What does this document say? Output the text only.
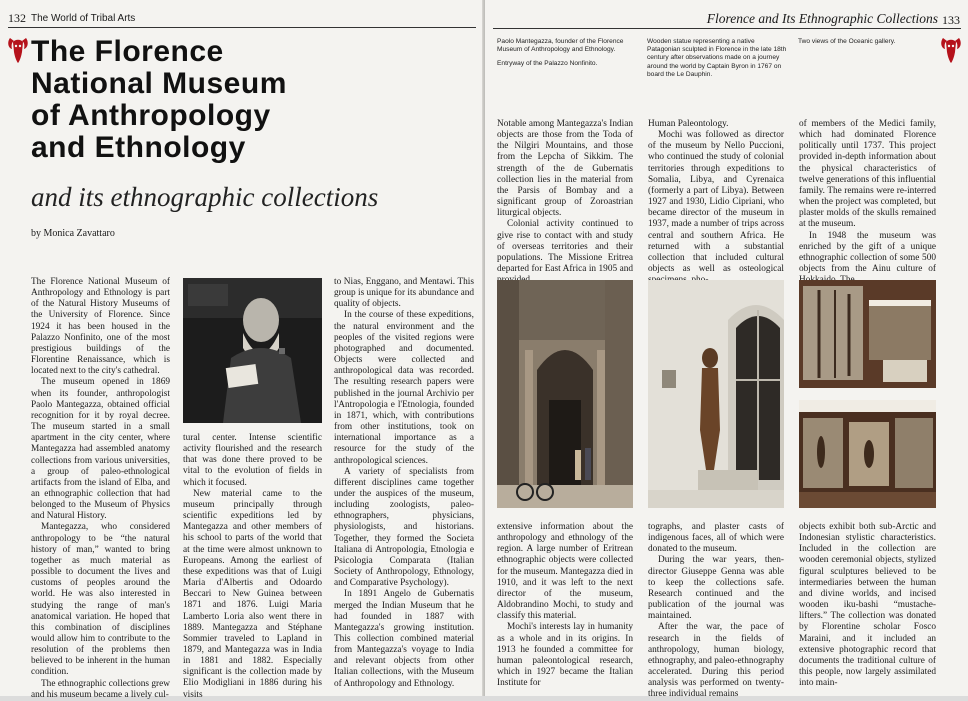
132 The World of Tribal Arts
The Florence
National Museum
of Anthropology
and Ethnology
and its ethnographic collections
by Monica Zavattaro

The Florence National Museum of Anthropology and Ethnology is part of the Natural History Museums of the University of Florence. Since 1924 it has been housed in the Palazzo Nonfinito, one of the most prestigious buildings of the Florentine Renaissance, which is located next to the city's cathedral.

The museum opened in 1869 when its founder, anthropologist Paolo Mantegazza, obtained official recognition for it by royal decree. The museum started in a small apartment in the city center, where Mantegazza had assembled anatomy collections from various universities, a group of paleo-ethnological artifacts from the island of Elba, and an ethnographic collection that had belonged to the Museum of Physics and Natural History.

Mantegazza, who considered anthropology to be “the natural history of man,” wanted to bring together as much material as possible to document the lives and customs of peoples around the world. He was also interested in studying the range of man's anatomical variation. He hoped that this combination of disciplines would allow him to contribute to the resolution of the problems then believed to be inherent in the human condition.

The ethnographic collections grew and his museum became a lively cul-

tural center. Intense scientific activity flourished and the research that was done there proved to be vital to the evolution of fields in which it focused.

New material came to the museum principally through scientific expeditions led by Mantegazza and other members of his school to parts of the world that at the time were almost unknown to Europeans. Among the earliest of these expeditions was that of Luigi Maria d'Albertis and Odoardo Beccari to New Guinea between 1871 and 1876. Luigi Maria Lamberto Loria also went there in 1889. Mantegazza and Stéphane Sommier traveled to Lapland in 1879, and Mantegazza was in India in 1881 and 1882. Especially significant is the collection made by Elio Modigliani in 1886 during his visits

to Nias, Enggano, and Mentawi. This group is unique for its abundance and quality of objects.

In the course of these expeditions, the natural environment and the peoples of the visited regions were photographed and documented. Objects were collected and anthropological data was recorded. The resulting research papers were published in the journal Archivio per l'Antropologia e l'Etnologia, founded in 1871, which, with contributions from other institutions, took on international importance as a resource for the study of the anthropological sciences.

A variety of specialists from different disciplines came together under the auspices of the museum, including zoologists, paleo-ethnographers, physicians, physiologists, and historians. Together, they formed the Societa Italiana di Antropologia, Etnologia e Psicologia Comparata (Italian Society of Anthropology, Ethnology, and Comparative Psychology).

In 1891 Angelo de Gubernatis merged the Indian Museum that he had founded in 1887 with Mantegazza's growing institution. This collection combined material from Mantegazza's voyage to India and relevant objects from other Italian collections, with the Museum of Anthropology and Ethnology.

Florence and Its Ethnographic Collections 133

Paolo Mantegazza, founder of the Florence Museum of Anthropology and Ethnology.

Entryway of the Palazzo Nonfinito.

Wooden statue representing a native Patagonian sculpted in Florence in the late 18th century after observations made on a journey around the world by Captain Byron in 1767 on board the Le Dauphin.

Two views of the Oceanic gallery.

Notable among Mantegazza's Indian objects are those from the Toda of the Nilgiri Mountains, and those from the Lepcha of Sikkim. The strength of the de Gubernatis collection lies in the material from the Parsis of Bombay and a significant group of Zoroastrian liturgical objects.

Colonial activity continued to give rise to contact with and study of overseas territories and their populations. The Missione Eritrea departed for East Africa in 1905 and

Human Paleontology.

Mochi was followed as director of the museum by Nello Puccioni, who continued the study of colonial territories through expeditions to Somalia, Libya, and Cyrenaica (formerly a part of Libya). Between 1927 and 1930, Lidio Cipriani, who became director of the museum in 1937, made a number of trips across central and southern Africa. He returned with a substantial collection that included cultural objects as well as osteological

of members of the Medici family, which had dominated Florence politically until 1737. This project provided in-depth information about the physical characteristics of twelve generations of this influential family. The remains were re-interred when the project was completed, but plaster molds of the skulls remained at the museum.

In 1948 the museum was enriched by the gift of a unique ethnographic collection of some 500 objects from the Ainu culture of

extensive information about the anthropology and ethnology of the region. A large number of Eritrean ethnographic objects were collected for the museum. Mantegazza died in 1910, and it was left to the next director of the museum, Aldobrandino Mochi, to study and classify this material.

Mochi's interests lay in humanity as a whole and in its origins. In 1913 he founded a committee for human paleontological research, which in 1927 became the Italian Institute for

tographs, and plaster casts of indigenous faces, all of which were donated to the museum.

During the war years, then-director Giuseppe Genna was able to keep the collections safe. Research continued and the publication of the journal was maintained.

After the war, the pace of research in the fields of anthropology, human biology, ethnography, and paleo-ethnography accelerated. During this period analysis was performed on twenty-three individual remains

objects exhibit both sub-Arctic and Indonesian stylistic characteristics. Included in the collection are wooden ceremonial objects, stylized figural sculptures believed to be intermediaries between the human and divine worlds, and incised wooden iku-bashi “mustache-lifters.” The collection was donated by Florentine scholar Fosco Maraini, and it included an extensive photographic record that documents the traditional culture of this people, now largely assimilated into main-
